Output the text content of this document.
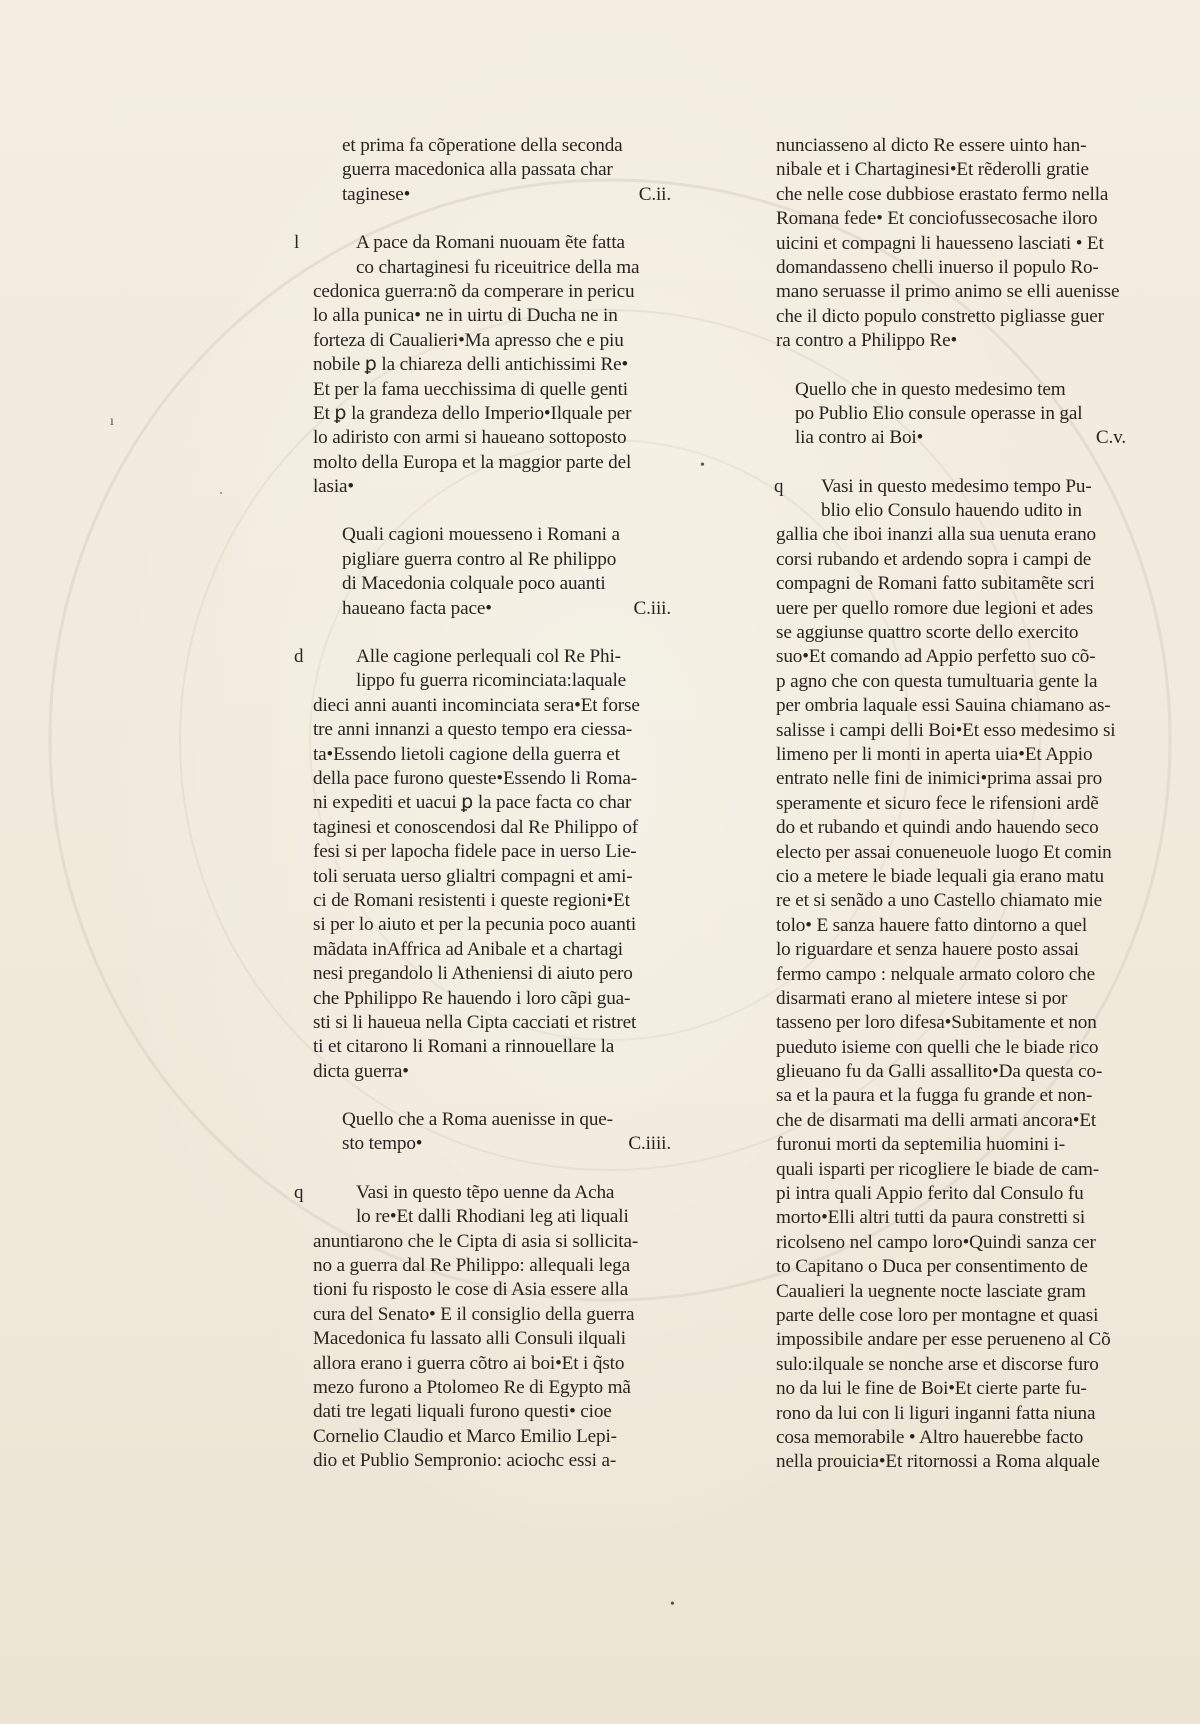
ᐧ
ı
•
•
et prima fa cõperatione della seconda
guerra macedonica alla passata char
taginese•	C.ii.
l	A pace da Romani nuouam ẽte fatta
co chartaginesi fu riceuitrice della ma
cedonica guerra:nõ da comperare in pericu
lo alla punica• ne in uirtu di Ducha ne in
forteza di Caualieri•Ma apresso che e piu
nobile ꝑ la chiareza delli antichissimi Re•
Et per la fama uecchissima di quelle genti
Et ꝑ la grandeza dello Imperio•Ilquale per
lo adiristo con armi si haueano sottoposto
molto della Europa et la maggior parte del
lasia•
Quali cagioni mouesseno i Romani a
pigliare guerra contro al Re philippo
di Macedonia colquale poco auanti
haueano facta pace•	C.iii.
d	Alle cagione perlequali col Re Phi-
lippo fu guerra ricominciata:laquale
dieci anni auanti incominciata sera•Et forse
tre anni innanzi a questo tempo era ciessa-
ta•Essendo lietoli cagione della guerra et
della pace furono queste•Essendo li Roma-
ni expediti et uacui ꝑ la pace facta co char
taginesi et conoscendosi dal Re Philippo of
fesi si per lapocha fidele pace in uerso Lie-
toli seruata uerso glialtri compagni et ami-
ci de Romani resistenti i queste regioni•Et
si per lo aiuto et per la pecunia poco auanti
mãdata inAffrica ad Anibale et a chartagi
nesi pregandolo li Atheniensi di aiuto pero
che Pphilippo Re hauendo i loro cãpi gua-
sti si li haueua nella Cipta cacciati et ristret
ti et citarono li Romani a rinnouellare la
dicta guerra•
Quello che a Roma auenisse in que-
sto tempo•	C.iiii.
q	Vasi in questo tẽpo uenne da Acha
lo re•Et dalli Rhodiani leg ati liquali
anuntiarono che le Cipta di asia si sollicita-
no a guerra dal Re Philippo: allequali lega
tioni fu risposto le cose di Asia essere alla
cura del Senato• E il consiglio della guerra
Macedonica fu lassato alli Consuli ilquali
allora erano i guerra cõtro ai boi•Et i q̃sto
mezo furono a Ptolomeo Re di Egypto mã
dati tre legati liquali furono questi• cioe
Cornelio Claudio et Marco Emilio Lepi-
dio et Publio Sempronio: aciochc essi a-
nunciasseno al dicto Re essere uinto han-
nibale et i Chartaginesi•Et rẽderolli gratie
che nelle cose dubbiose erastato fermo nella
Romana fede• Et conciofussecosache iloro
uicini et compagni li hauesseno lasciati • Et
domandasseno chelli inuerso il populo Ro-
mano seruasse il primo animo se elli auenisse
che il dicto populo constretto pigliasse guer
ra contro a Philippo Re•
Quello che in questo medesimo tem
po Publio Elio consule operasse in gal
lia contro ai Boi•	C.v.
q	Vasi in questo medesimo tempo Pu-
blio elio Consulo hauendo udito in
gallia che iboi inanzi alla sua uenuta erano
corsi rubando et ardendo sopra i campi de
compagni de Romani fatto subitamẽte scri
uere per quello romore due legioni et ades
se aggiunse quattro scorte dello exercito
suo•Et comando ad Appio perfetto suo cõ-
p agno che con questa tumultuaria gente la
per ombria laquale essi Sauina chiamano as-
salisse i campi delli Boi•Et esso medesimo si
limeno per li monti in aperta uia•Et Appio
entrato nelle fini de inimici•prima assai pro
speramente et sicuro fece le rifensioni ardẽ
do et rubando et quindi ando hauendo seco
electo per assai conueneuole luogo Et comin
cio a metere le biade lequali gia erano matu
re et si senãdo a uno Castello chiamato mie
tolo• E sanza hauere fatto dintorno a quel
lo riguardare et senza hauere posto assai
fermo campo : nelquale armato coloro che
disarmati erano al mietere intese si por
tasseno per loro difesa•Subitamente et non
pueduto isieme con quelli che le biade rico
glieuano fu da Galli assallito•Da questa co-
sa et la paura et la fugga fu grande et non-
che de disarmati ma delli armati ancora•Et
furonui morti da septemilia huomini i-
quali isparti per ricogliere le biade de cam-
pi intra quali Appio ferito dal Consulo fu
morto•Elli altri tutti da paura constretti si
ricolseno nel campo loro•Quindi sanza cer
to Capitano o Duca per consentimento de
Caualieri la uegnente nocte lasciate gram
parte delle cose loro per montagne et quasi
impossibile andare per esse perueneno al Cõ
sulo:ilquale se nonche arse et discorse furo
no da lui le fine de Boi•Et cierte parte fu-
rono da lui con li liguri inganni fatta niuna
cosa memorabile • Altro hauerebbe facto
nella prouicia•Et ritornossi a Roma alquale
